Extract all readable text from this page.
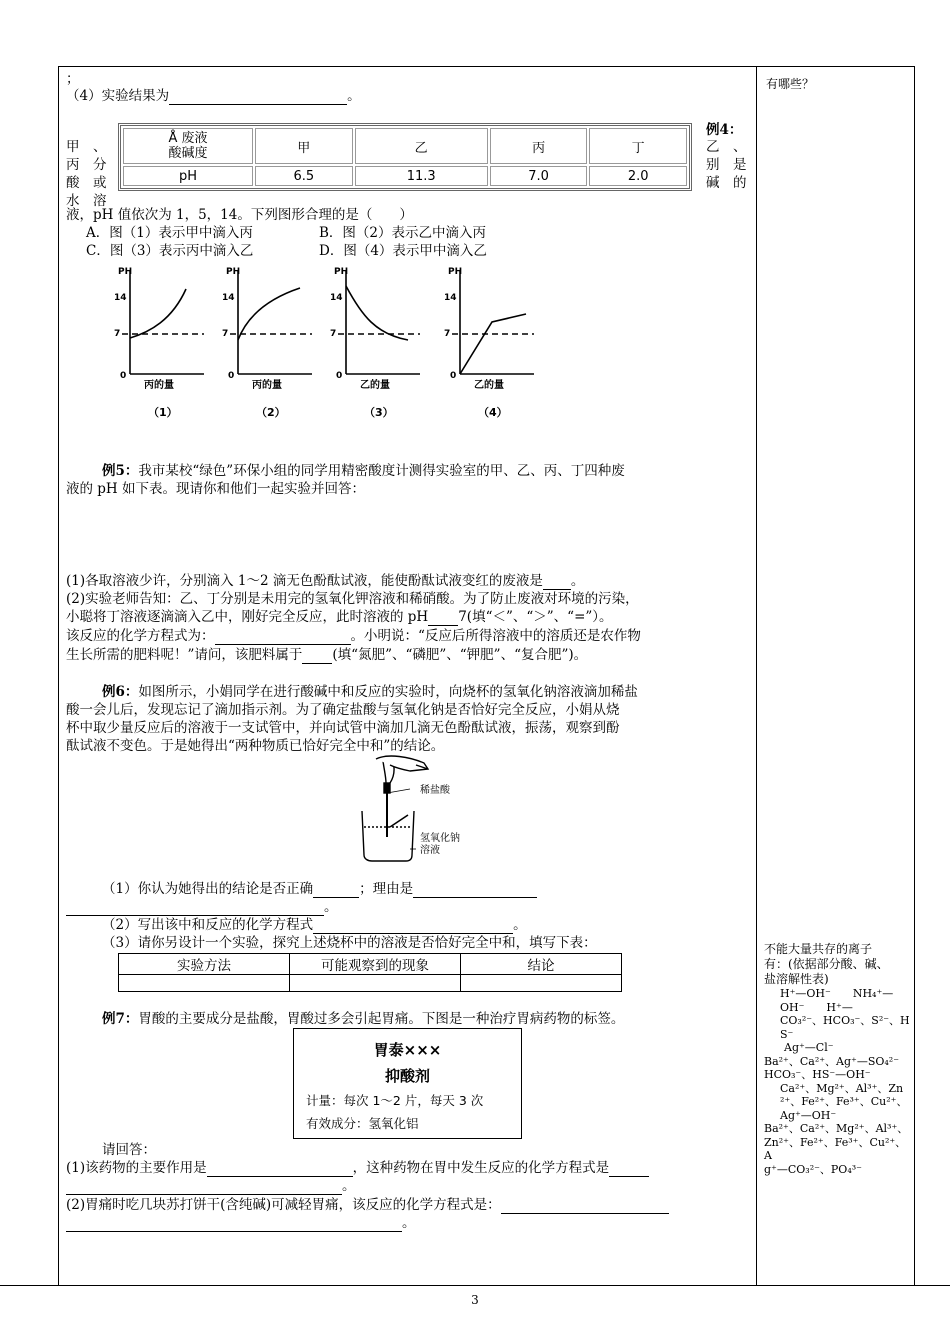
3
；
（4）实验结果为	。
有哪些？
甲　、
丙　分
酸　或
水　溶
例4：
乙　、
别　是
碱　的
Å 废液
酸碱度	甲	乙	丙	丁
pH	6.5	11.3	7.0	2.0
液，pH 值依次为 1，5，14。下列图形合理的是（　　）
A．图（1）表示甲中滴入丙	B．图（2）表示乙中滴入丙
C．图（3）表示丙中滴入乙	D．图（4）表示甲中滴入乙
14
7
0
PH
丙的量
（1）
14
7
0
PH
丙的量
（2）
14
7
0
PH
乙的量
（3）
14
7
0
PH
乙的量
（4）
例5：我市某校“绿色”环保小组的同学用精密酸度计测得实验室的甲、乙、丙、丁四种废
液的 pH 如下表。现请你和他们一起实验并回答：
(1)各取溶液少许，分别滴入 1～2 滴无色酚酞试液，能使酚酞试液变红的废液是 。
(2)实验老师告知：乙、丁分别是未用完的氢氧化钾溶液和稀硝酸。为了防止废液对环境的污染，
小聪将丁溶液逐滴滴入乙中，刚好完全反应，此时溶液的 pH 7(填“＜”、“＞”、“=”）。
该反应的化学方程式为：	。小明说：“反应后所得溶液中的溶质还是农作物
生长所需的肥料呢！”请问，该肥料属于 (填“氮肥”、“磷肥”、“钾肥”、“复合肥”)。
例6：如图所示，小娟同学在进行酸碱中和反应的实验时，向烧杯的氢氧化钠溶液滴加稀盐
酸一会儿后，发现忘记了滴加指示剂。为了确定盐酸与氢氧化钠是否恰好完全反应，小娟从烧
杯中取少量反应后的溶液于一支试管中，并向试管中滴加几滴无色酚酞试液，振荡，观察到酚
酞试液不变色。于是她得出“两种物质已恰好完全中和”的结论。
稀盐酸
氢氧化钠
溶液
（1）你认为她得出的结论是否正确	；理由是
。
（2）写出该中和反应的化学方程式	。
（3）请你另设计一个实验，探究上述烧杯中的溶液是否恰好完全中和，填写下表：
实验方法	可能观察到的现象	结论

例7：胃酸的主要成分是盐酸，胃酸过多会引起胃痛。下图是一种治疗胃病药物的标签。
胃泰×××
抑酸剂
计量：每次 1～2 片，每天 3 次
有效成分：氢氧化铝
请回答：
(1)该药物的主要作用是	，这种药物在胃中发生反应的化学方程式是
。
(2)胃痛时吃几块苏打饼干(含纯碱)可减轻胃痛，该反应的化学方程式是：
。
不能大量共存的离子
有：(依据部分酸、碱、
盐溶解性表)
H⁺—OH⁻　　NH₄⁺—
OH⁻　　H⁺—
CO₃²⁻、HCO₃⁻、S²⁻、H
S⁻
Ag⁺—Cl⁻
Ba²⁺、Ca²⁺、Ag⁺—SO₄²⁻
HCO₃⁻、HS⁻—OH⁻
Ca²⁺、Mg²⁺、Al³⁺、Zn
²⁺、Fe²⁺、Fe³⁺、Cu²⁺、
Ag⁺—OH⁻
Ba²⁺、Ca²⁺、Mg²⁺、Al³⁺、
Zn²⁺、Fe²⁺、Fe³⁺、Cu²⁺、A
g⁺—CO₃²⁻、PO₄³⁻
